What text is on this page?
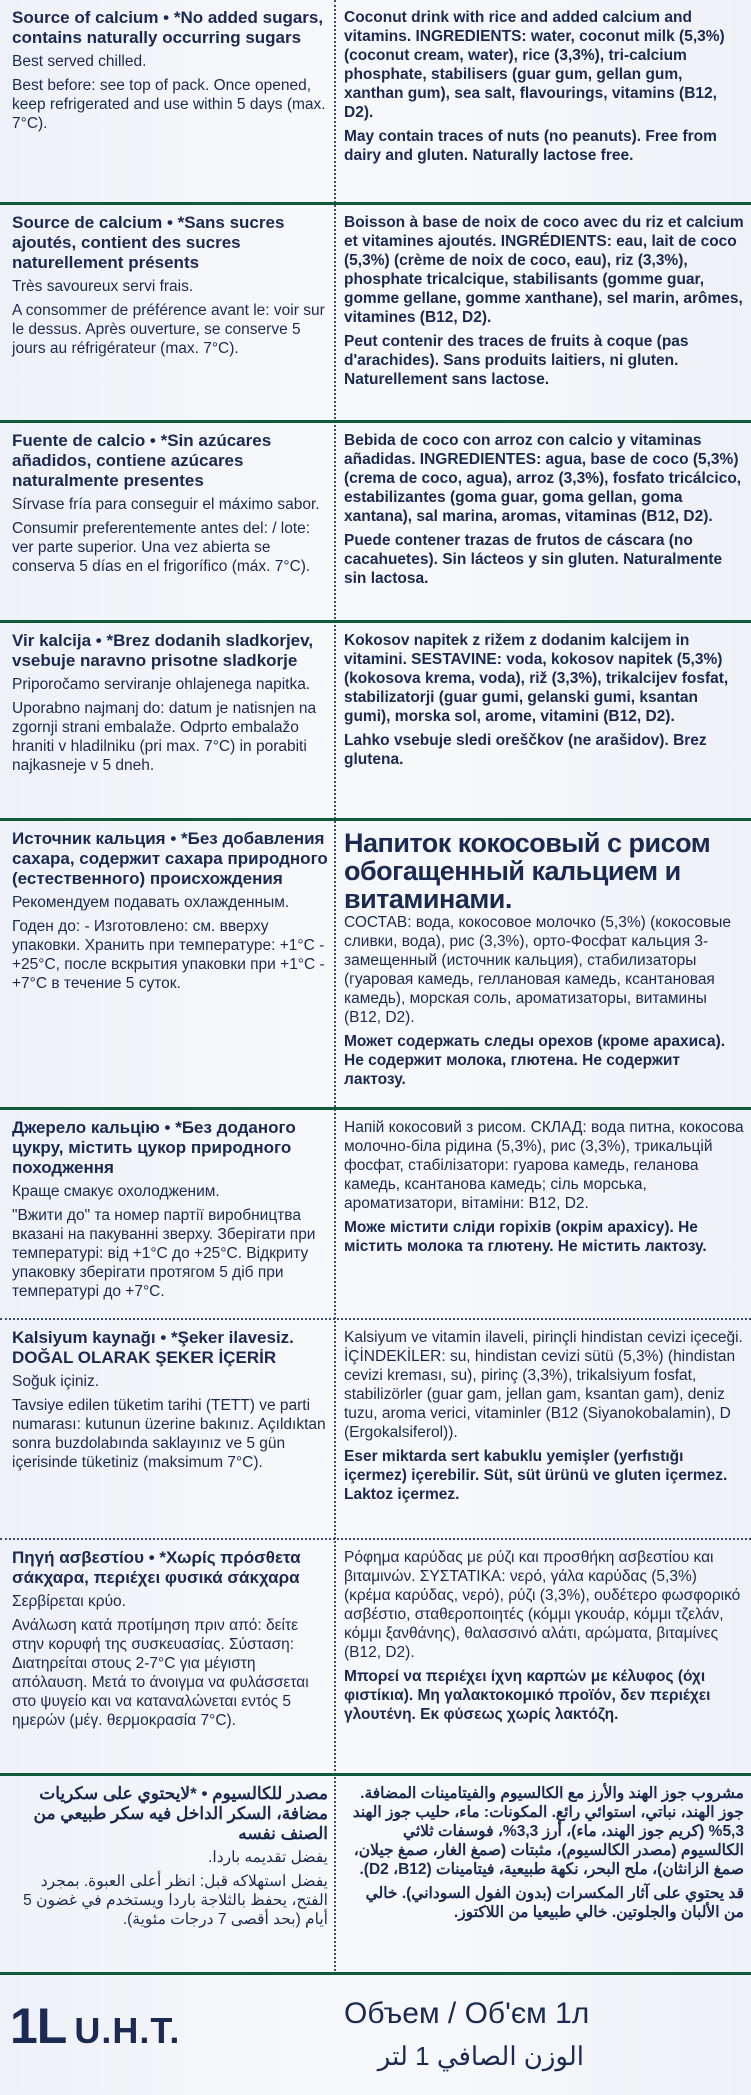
Source of calcium • *No added sugars, contains naturally occurring sugars
Best served chilled.
Best before: see top of pack. Once opened, keep refrigerated and use within 5 days (max. 7°C).
Coconut drink with rice and added calcium and vitamins. INGREDIENTS: water, coconut milk (5,3%) (coconut cream, water), rice (3,3%), tri-calcium phosphate, stabilisers (guar gum, gellan gum, xanthan gum), sea salt, flavourings, vitamins (B12, D2).
May contain traces of nuts (no peanuts). Free from dairy and gluten. Naturally lactose free.
Source de calcium • *Sans sucres ajoutés, contient des sucres naturellement présents
Très savoureux servi frais.
A consommer de préférence avant le: voir sur le dessus. Après ouverture, se conserve 5 jours au réfrigérateur (max. 7°C).
Boisson à base de noix de coco avec du riz et calcium et vitamines ajoutés. INGRÉDIENTS: eau, lait de coco (5,3%) (crème de noix de coco, eau), riz (3,3%), phosphate tricalcique, stabilisants (gomme guar, gomme gellane, gomme xanthane), sel marin, arômes, vitamines (B12, D2).
Peut contenir des traces de fruits à coque (pas d'arachides). Sans produits laitiers, ni gluten. Naturellement sans lactose.
Fuente de calcio • *Sin azúcares añadidos, contiene azúcares naturalmente presentes
Sírvase fría para conseguir el máximo sabor.
Consumir preferentemente antes del: / lote: ver parte superior. Una vez abierta se conserva 5 días en el frigorífico (máx. 7°C).
Bebida de coco con arroz con calcio y vitaminas añadidas. INGREDIENTES: agua, base de coco (5,3%) (crema de coco, agua), arroz (3,3%), fosfato tricálcico, estabilizantes (goma guar, goma gellan, goma xantana), sal marina, aromas, vitaminas (B12, D2).
Puede contener trazas de frutos de cáscara (no cacahuetes). Sin lácteos y sin gluten. Naturalmente sin lactosa.
Vir kalcija • *Brez dodanih sladkorjev, vsebuje naravno prisotne sladkorje
Priporočamo serviranje ohlajenega napitka.
Uporabno najmanj do: datum je natisnjen na zgornji strani embalaže. Odprto embalažo hraniti v hladilniku (pri max. 7°C) in porabiti najkasneje v 5 dneh.
Kokosov napitek z rižem z dodanim kalcijem in vitamini. SESTAVINE: voda, kokosov napitek (5,3%) (kokosova krema, voda), riž (3,3%), trikalcijev fosfat, stabilizatorji (guar gumi, gelanski gumi, ksantan gumi), morska sol, arome, vitamini (B12, D2).
Lahko vsebuje sledi oreščkov (ne arašidov). Brez glutena.
Источник кальция • *Без добавления сахара, содержит сахара природного (естественного) происхождения
Рекомендуем подавать охлажденным.
Годен до: - Изготовлено: см. вверху упаковки. Хранить при температуре: +1°C - +25°C, после вскрытия упаковки при +1°C - +7°C в течение 5 суток.
Напиток кокосовый с рисом обогащенный кальцием и витаминами.
СОСТАВ: вода, кокосовое молочко (5,3%) (кокосовые сливки, вода), рис (3,3%), орто-Фосфат кальция 3-замещенный (источник кальция), стабилизаторы (гуаровая камедь, геллановая камедь, ксантановая камедь), морская соль, ароматизаторы, витамины (B12, D2).
Может содержать следы орехов (кроме арахиса). Не содержит молока, глютена. Не содержит лактозу.
Джерело кальцію • *Без доданого цукру, містить цукор природного походження
Краще смакує охолодженим.
"Вжити до" та номер партії виробництва вказані на пакуванні зверху. Зберігати при температурі: від +1°C до +25°C. Відкриту упаковку зберігати протягом 5 діб при температурі до +7°C.
Напій кокосовий з рисом. СКЛАД: вода питна, кокосова молочно-біла рідина (5,3%), рис (3,3%), трикальцій фосфат, стабілізатори: гуарова камедь, геланова камедь, ксантанова камедь; сіль морська, ароматизатори, вітаміни: B12, D2.
Може містити сліди горіхів (окрім арахісу). Не містить молока та глютену. Не містить лактозу.
Kalsiyum kaynağı • *Şeker ilavesiz. DOĞAL OLARAK ŞEKER İÇERİR
Soğuk içiniz.
Tavsiye edilen tüketim tarihi (TETT) ve parti numarası: kutunun üzerine bakınız. Açıldıktan sonra buzdolabında saklayınız ve 5 gün içerisinde tüketiniz (maksimum 7°C).
Kalsiyum ve vitamin ilaveli, pirinçli hindistan cevizi içeceği. İÇİNDEKİLER: su, hindistan cevizi sütü (5,3%) (hindistan cevizi kreması, su), pirinç (3,3%), trikalsiyum fosfat, stabilizörler (guar gam, jellan gam, ksantan gam), deniz tuzu, aroma verici, vitaminler (B12 (Siyanokobalamin), D (Ergokalsiferol)).
Eser miktarda sert kabuklu yemişler (yerfıstığı içermez) içerebilir. Süt, süt ürünü ve gluten içermez. Laktoz içermez.
Πηγή ασβεστίου • *Χωρίς πρόσθετα σάκχαρα, περιέχει φυσικά σάκχαρα
Σερβίρεται κρύο.
Ανάλωση κατά προτίμηση πριν από: δείτε στην κορυφή της συσκευασίας. Σύσταση: Διατηρείται στους 2-7°C για μέγιστη απόλαυση. Μετά το άνοιγμα να φυλάσσεται στο ψυγείο και να καταναλώνεται εντός 5 ημερών (μέγ. θερμοκρασία 7°C).
Ρόφημα καρύδας με ρύζι και προσθήκη ασβεστίου και βιταμινών. ΣΥΣΤΑΤΙΚΑ: νερό, γάλα καρύδας (5,3%) (κρέμα καρύδας, νερό), ρύζι (3,3%), ουδέτερο φωσφορικό ασβέστιο, σταθεροποιητές (κόμμι γκουάρ, κόμμι τζελάν, κόμμι ξανθάνης), θαλασσινό αλάτι, αρώματα, βιταμίνες (B12, D2).
Μπορεί να περιέχει ίχνη καρπών με κέλυφος (όχι φιστίκια). Μη γαλακτοκομικό προϊόν, δεν περιέχει γλουτένη. Εκ φύσεως χωρίς λακτόζη.
مصدر للكالسيوم • *لايحتوي على سكريات مضافة، السكر الداخل فيه سكر طبيعي من الصنف نفسه
يفضل تقديمه باردا.
يفضل استهلاكه قبل: انظر أعلى العبوة. بمجرد الفتح، يحفظ بالثلاجة باردا ويستخدم في غضون 5 أيام (بحد أقصى 7 درجات مئوية).
مشروب جوز الهند والأرز مع الكالسيوم والفيتامينات المضافة. جوز الهند، نباتي، استوائي رائع. المكونات: ماء، حليب جوز الهند 5,3% (كريم جوز الهند، ماء)، أرز 3,3%، فوسفات ثلاثي الكالسيوم (مصدر الكالسيوم)، مثبتات (صمغ الغار، صمغ جيلان، صمغ الزانثان)، ملح البحر، نكهة طبيعية، فيتامينات (D2 ،B12).
قد يحتوي على آثار المكسرات (بدون الفول السوداني). خالي من الألبان والجلوتين. خالي طبيعيا من اللاكتوز.
1L U.H.T.	Объем / Об'єм 1л
الوزن الصافي 1 لتر
